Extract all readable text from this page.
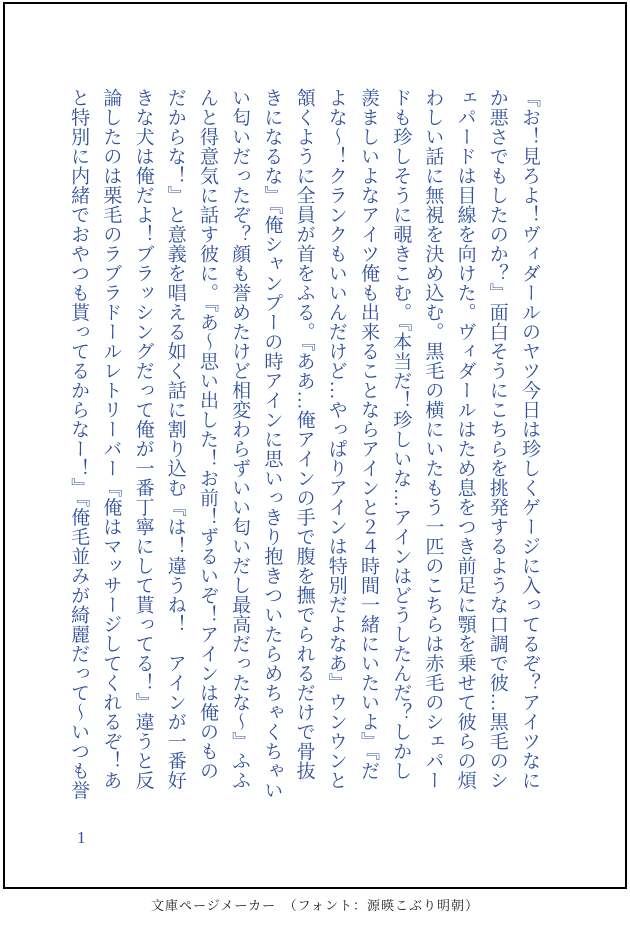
『お！見ろよ！ヴィダールのヤツ今日は珍しくゲージに入ってるぞ？アイツなに

か悪さでもしたのか？』面白そうにこちらを挑発するような口調で彼…黒毛のシ

ェパードは目線を向けた。ヴィダールはため息をつき前足に顎を乗せて彼らの煩

わしい話に無視を決め込む。黒毛の横にいたもう一匹のこちらは赤毛のシェパー

ドも珍しそうに覗きこむ。『本当だ！珍しいな…アインはどうしたんだ？しかし

羨ましいよなアイツ俺も出来ることならアインと２４時間一緒にいたいよ』『だ

よな～！クランクもいいんだけど…やっぱりアインは特別だよなあ』ウンウンと

頷くように全員が首をふる。『ああ…俺アインの手で腹を撫でられるだけで骨抜

きになるな』『俺シャンプーの時アインに思いっきり抱きついたらめちゃくちゃい

い匂いだったぞ？顔も誉めたけど相変わらずいい匂いだし最高だったな～』ふふ

んと得意気に話す彼に。『あ～思い出した！お前！ずるいぞ！アインは俺のもの

だからな！』と意義を唱える如く話に割り込む『は！違うね！　アインが一番好

きな犬は俺だよ！ブラッシングだって俺が一番丁寧にして貰ってる！』違うと反

論したのは栗毛のラブラドールレトリーバー『俺はマッサージしてくれるぞ！あ

と特別に内緒でおやつも貰ってるからなー！』『俺毛並みが綺麗だって～いつも誉

1
文庫ページメーカー　（フォント：源暎こぶり明朝）
